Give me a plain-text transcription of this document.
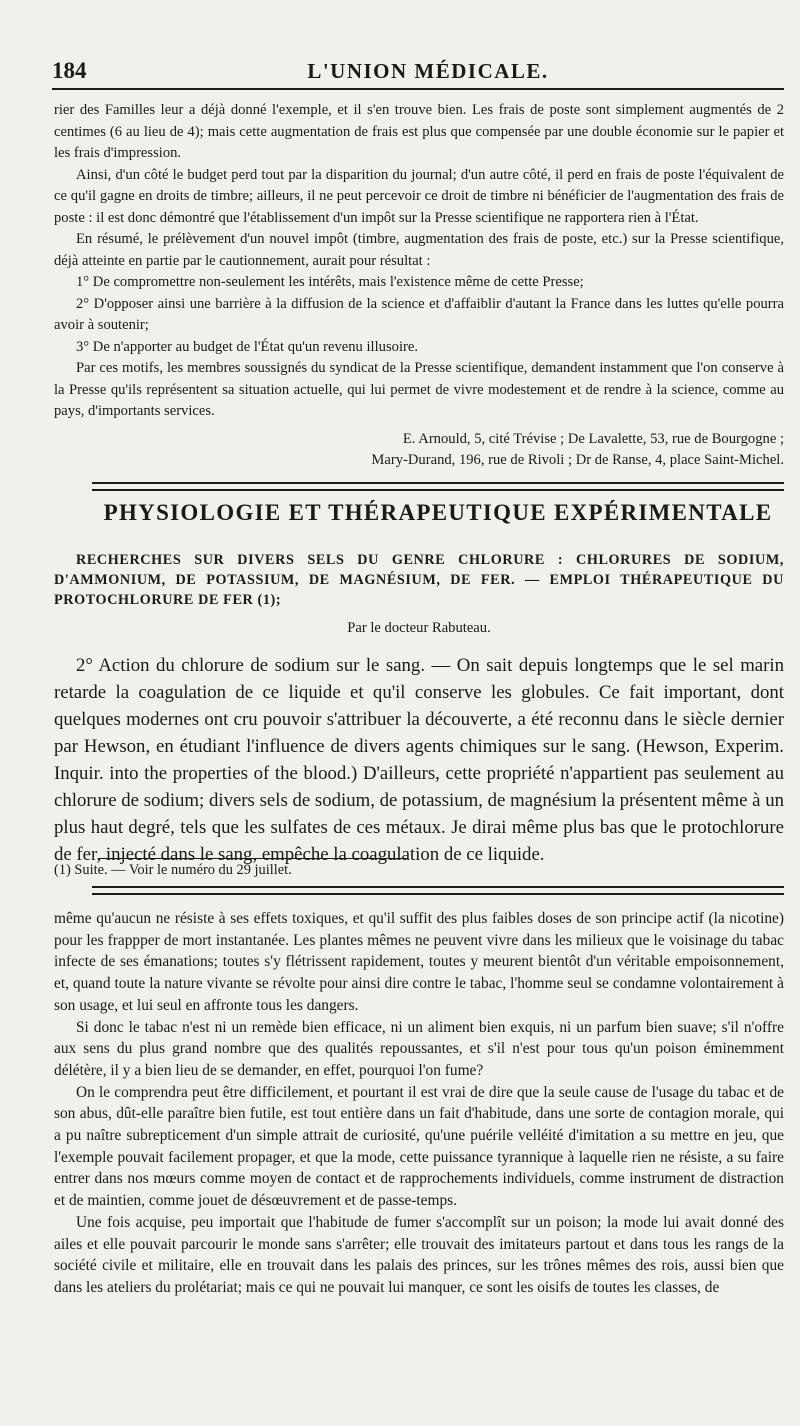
184	L'UNION MÉDICALE.

rier des Familles leur a déjà donné l'exemple, et il s'en trouve bien. Les frais de poste sont simplement augmentés de 2 centimes (6 au lieu de 4); mais cette augmentation de frais est plus que compensée par une double économie sur le papier et les frais d'impression.

Ainsi, d'un côté le budget perd tout par la disparition du journal; d'un autre côté, il perd en frais de poste l'équivalent de ce qu'il gagne en droits de timbre; ailleurs, il ne peut percevoir ce droit de timbre ni bénéficier de l'augmentation des frais de poste : il est donc démontré que l'établissement d'un impôt sur la Presse scientifique ne rapportera rien à l'État.

En résumé, le prélèvement d'un nouvel impôt (timbre, augmentation des frais de poste, etc.) sur la Presse scientifique, déjà atteinte en partie par le cautionnement, aurait pour résultat :

1° De compromettre non-seulement les intérêts, mais l'existence même de cette Presse;

2° D'opposer ainsi une barrière à la diffusion de la science et d'affaiblir d'autant la France dans les luttes qu'elle pourra avoir à soutenir;

3° De n'apporter au budget de l'État qu'un revenu illusoire.

Par ces motifs, les membres soussignés du syndicat de la Presse scientifique, demandent instamment que l'on conserve à la Presse qu'ils représentent sa situation actuelle, qui lui permet de vivre modestement et de rendre à la science, comme au pays, d'importants services.

E. Arnould, 5, cité Trévise ; De Lavalette, 53, rue de Bourgogne ;

Mary-Durand, 196, rue de Rivoli ; Dr de Ranse, 4, place Saint-Michel.

PHYSIOLOGIE ET THÉRAPEUTIQUE EXPÉRIMENTALE

RECHERCHES SUR DIVERS SELS DU GENRE CHLORURE : CHLORURES DE SODIUM, D'AMMONIUM, DE POTASSIUM, DE MAGNÉSIUM, DE FER. — EMPLOI THÉRAPEUTIQUE DU PROTOCHLORURE DE FER (1);

Par le docteur Rabuteau.

2° Action du chlorure de sodium sur le sang. — On sait depuis longtemps que le sel marin retarde la coagulation de ce liquide et qu'il conserve les globules. Ce fait important, dont quelques modernes ont cru pouvoir s'attribuer la découverte, a été reconnu dans le siècle dernier par Hewson, en étudiant l'influence de divers agents chimiques sur le sang. (Hewson, Experim. Inquir. into the properties of the blood.) D'ailleurs, cette propriété n'appartient pas seulement au chlorure de sodium; divers sels de sodium, de potassium, de magnésium la présentent même à un plus haut degré, tels que les sulfates de ces métaux. Je dirai même plus bas que le protochlorure de fer, injecté dans le sang, empêche la coagulation de ce liquide.

(1) Suite. — Voir le numéro du 29 juillet.

même qu'aucun ne résiste à ses effets toxiques, et qu'il suffit des plus faibles doses de son principe actif (la nicotine) pour les frappper de mort instantanée. Les plantes mêmes ne peuvent vivre dans les milieux que le voisinage du tabac infecte de ses émanations; toutes s'y flétrissent rapidement, toutes y meurent bientôt d'un véritable empoisonnement, et, quand toute la nature vivante se révolte pour ainsi dire contre le tabac, l'homme seul se condamne volontairement à son usage, et lui seul en affronte tous les dangers.

Si donc le tabac n'est ni un remède bien efficace, ni un aliment bien exquis, ni un parfum bien suave; s'il n'offre aux sens du plus grand nombre que des qualités repoussantes, et s'il n'est pour tous qu'un poison éminemment délétère, il y a bien lieu de se demander, en effet, pourquoi l'on fume?

On le comprendra peut être difficilement, et pourtant il est vrai de dire que la seule cause de l'usage du tabac et de son abus, dût-elle paraître bien futile, est tout entière dans un fait d'habitude, dans une sorte de contagion morale, qui a pu naître subrepticement d'un simple attrait de curiosité, qu'une puérile velléité d'imitation a su mettre en jeu, que l'exemple pouvait facilement propager, et que la mode, cette puissance tyrannique à laquelle rien ne résiste, a su faire entrer dans nos mœurs comme moyen de contact et de rapprochements individuels, comme instrument de distraction et de maintien, comme jouet de désœuvrement et de passe-temps.

Une fois acquise, peu importait que l'habitude de fumer s'accomplît sur un poison; la mode lui avait donné des ailes et elle pouvait parcourir le monde sans s'arrêter; elle trouvait des imitateurs partout et dans tous les rangs de la société civile et militaire, elle en trouvait dans les palais des princes, sur les trônes mêmes des rois, aussi bien que dans les ateliers du prolétariat; mais ce qui ne pouvait lui manquer, ce sont les oisifs de toutes les classes, de
